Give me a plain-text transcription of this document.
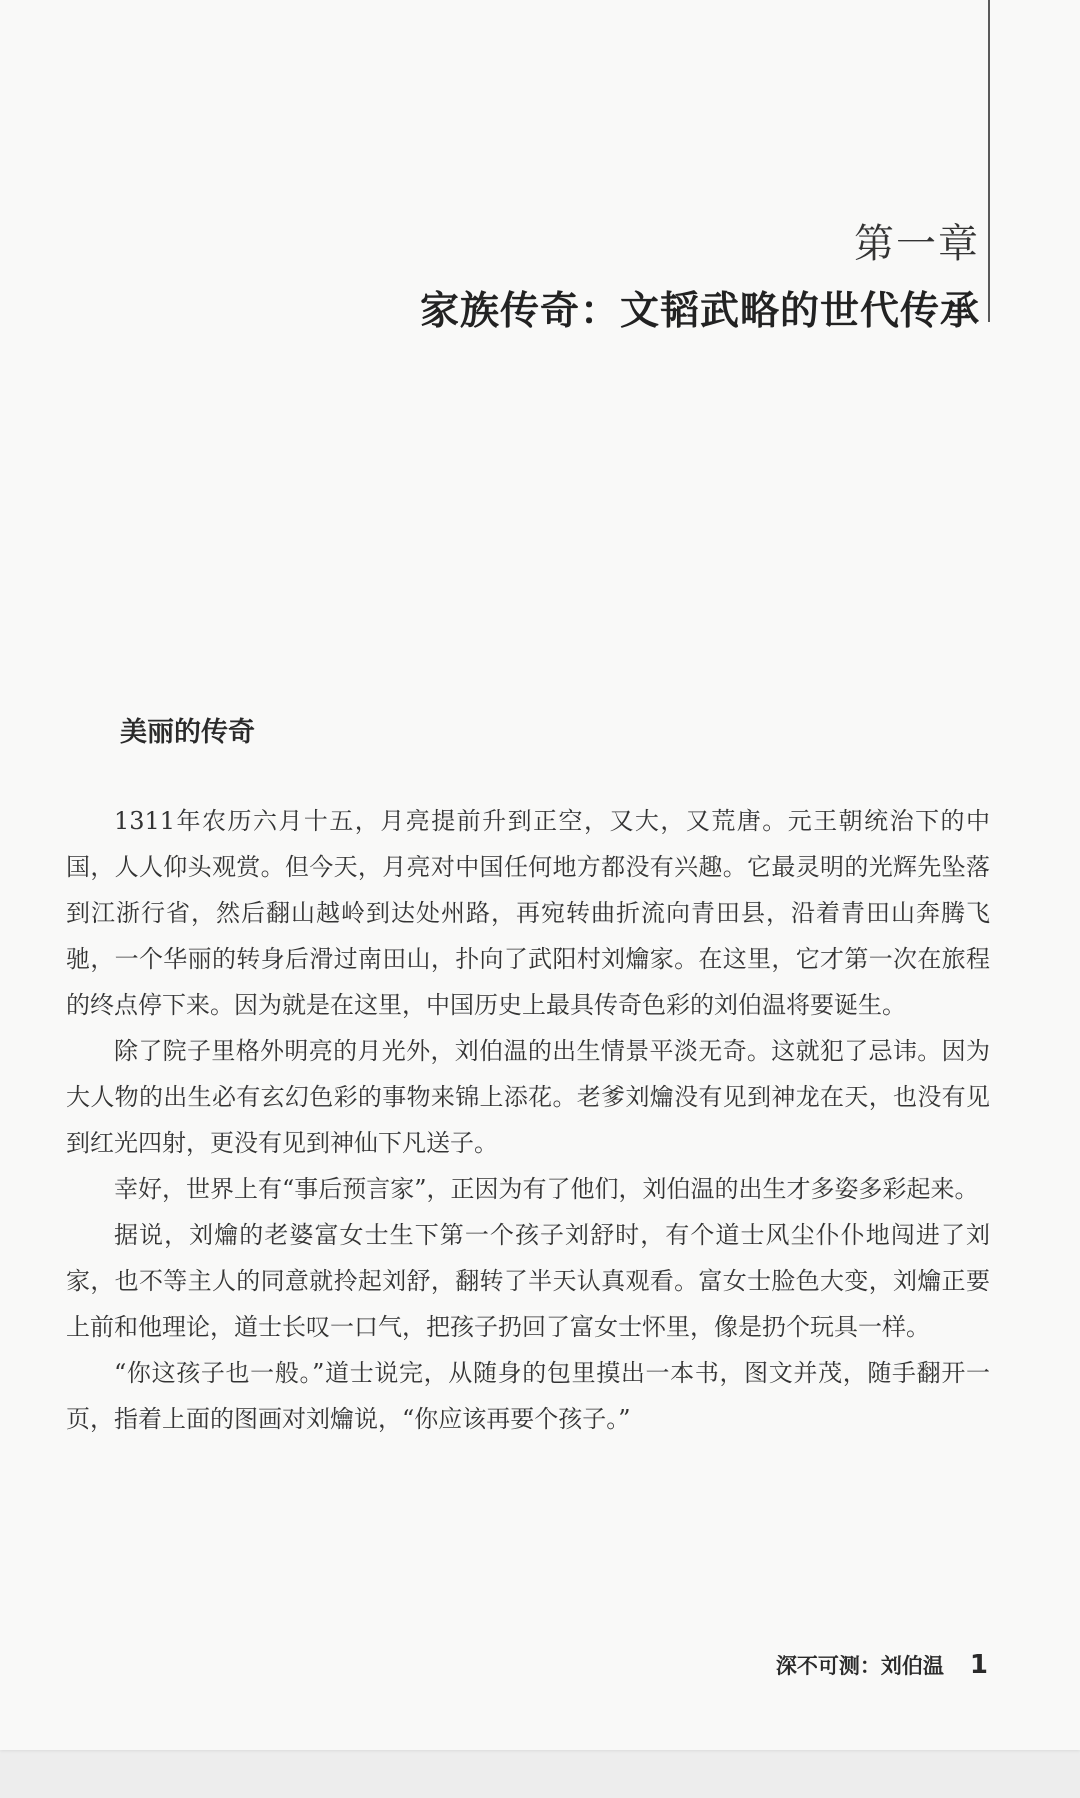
第一章
家族传奇：文韬武略的世代传承
美丽的传奇

1311年农历六月十五，月亮提前升到正空，又大，又荒唐。元王朝统治下的中国，人人仰头观赏。但今天，月亮对中国任何地方都没有兴趣。它最灵明的光辉先坠落到江浙行省，然后翻山越岭到达处州路，再宛转曲折流向青田县，沿着青田山奔腾飞驰，一个华丽的转身后滑过南田山，扑向了武阳村刘爚家。在这里，它才第一次在旅程的终点停下来。因为就是在这里，中国历史上最具传奇色彩的刘伯温将要诞生。

除了院子里格外明亮的月光外，刘伯温的出生情景平淡无奇。这就犯了忌讳。因为大人物的出生必有玄幻色彩的事物来锦上添花。老爹刘爚没有见到神龙在天，也没有见到红光四射，更没有见到神仙下凡送子。

幸好，世界上有“事后预言家”，正因为有了他们，刘伯温的出生才多姿多彩起来。

据说，刘爚的老婆富女士生下第一个孩子刘舒时，有个道士风尘仆仆地闯进了刘家，也不等主人的同意就拎起刘舒，翻转了半天认真观看。富女士脸色大变，刘爚正要上前和他理论，道士长叹一口气，把孩子扔回了富女士怀里，像是扔个玩具一样。

“你这孩子也一般。”道士说完，从随身的包里摸出一本书，图文并茂，随手翻开一页，指着上面的图画对刘爚说，“你应该再要个孩子。”

深不可测：刘伯温 1
